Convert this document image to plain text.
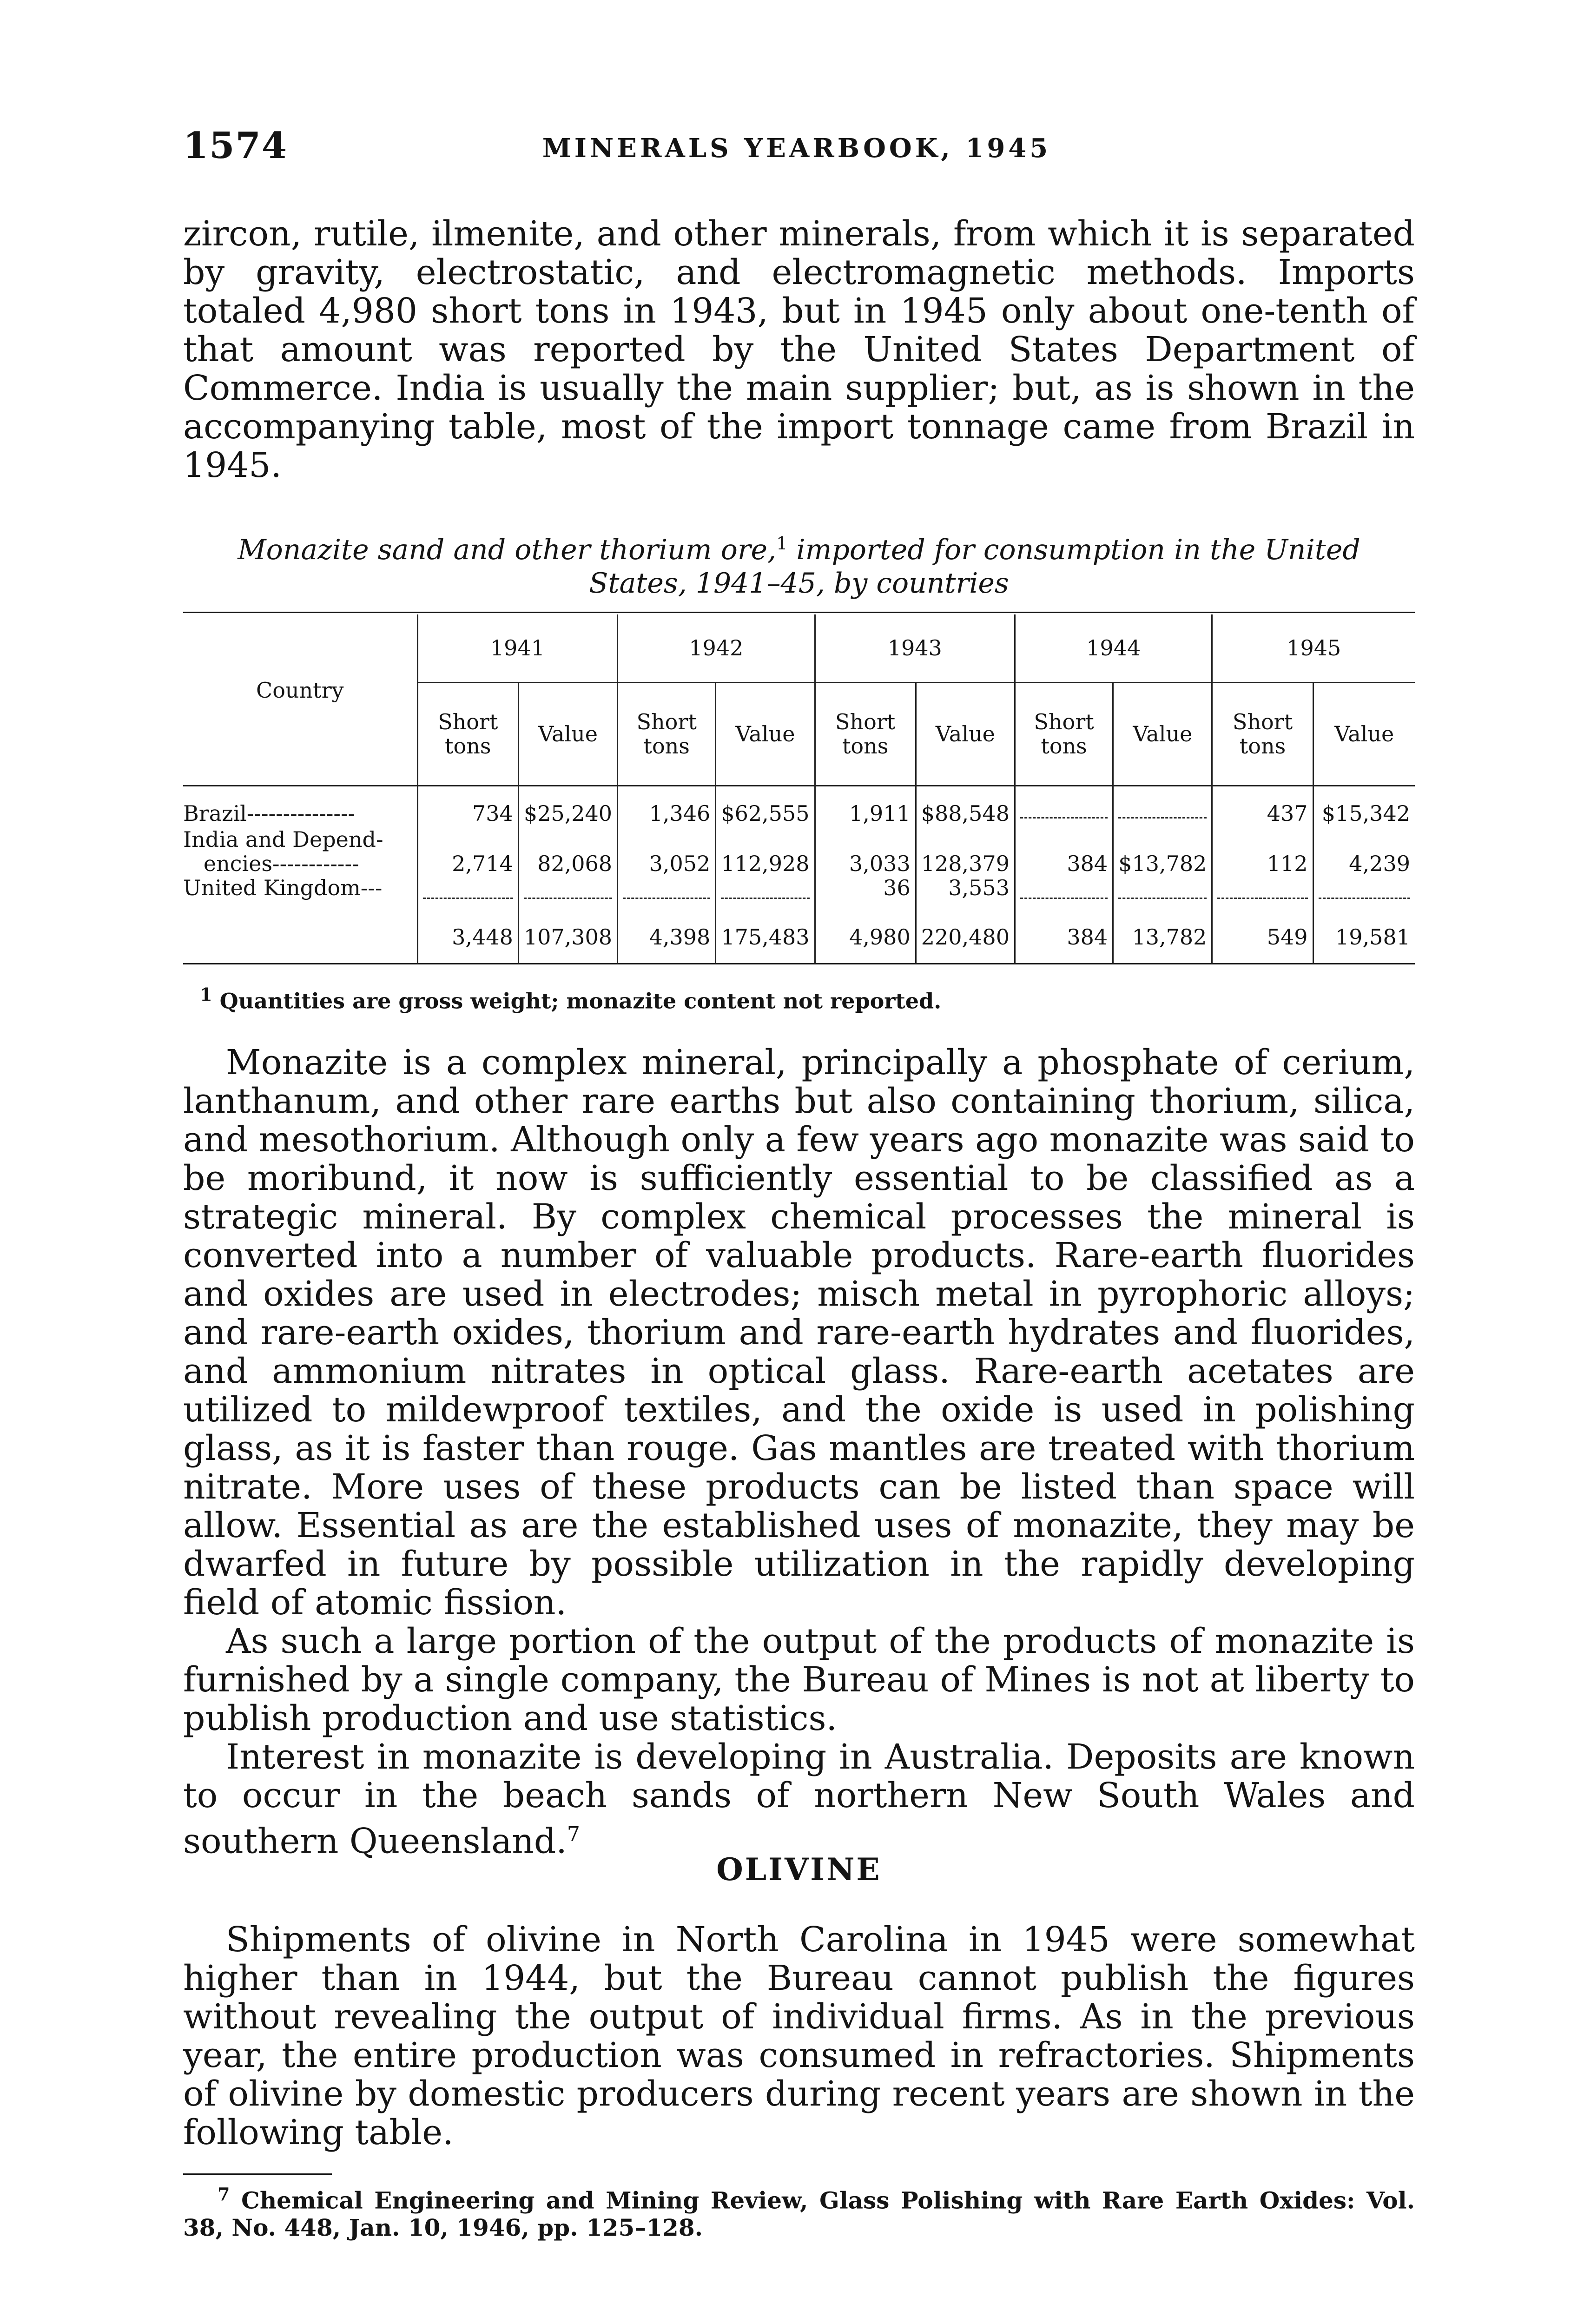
1574	MINERALS YEARBOOK, 1945

zircon, rutile, ilmenite, and other minerals, from which it is separated by gravity, electrostatic, and electromagnetic methods. Imports totaled 4,980 short tons in 1943, but in 1945 only about one-tenth of that amount was reported by the United States Department of Commerce. India is usually the main supplier; but, as is shown in the accompanying table, most of the import tonnage came from Brazil in 1945.

Monazite sand and other thorium ore,$^1$ imported for consumption in the United
States, 1941–45, by countries
Country	1941		1942		1943		1944		1945	
	Short
tons	Value	Short
tons	Value	Short
tons	Value	Short
tons	Value	Short
tons	Value
Brazil---------------	734	$25,240	1,346	$62,555	1,911	$88,548			437	$15,342
India and Depend-
encies------------	2,714	82,068	3,052	112,928	3,033	128,379	384	$13,782	112	4,239
United Kingdom---					36	3,553	

	3,448	107,308	4,398	175,483	4,980	220,480	384	13,782	549	19,581
$^1$ Quantities are gross weight; monazite content not reported.

Monazite is a complex mineral, principally a phosphate of cerium, lanthanum, and other rare earths but also containing thorium, silica, and mesothorium. Although only a few years ago monazite was said to be moribund, it now is sufficiently essential to be classified as a strategic mineral. By complex chemical processes the mineral is converted into a number of valuable products. Rare-earth fluorides and oxides are used in electrodes; misch metal in pyrophoric alloys; and rare-earth oxides, thorium and rare-earth hydrates and fluorides, and ammonium nitrates in optical glass. Rare-earth acetates are utilized to mildewproof textiles, and the oxide is used in polishing glass, as it is faster than rouge. Gas mantles are treated with thorium nitrate. More uses of these products can be listed than space will allow. Essential as are the established uses of monazite, they may be dwarfed in future by possible utilization in the rapidly developing field of atomic fission.

As such a large portion of the output of the products of monazite is furnished by a single company, the Bureau of Mines is not at liberty to publish production and use statistics.

Interest in monazite is developing in Australia. Deposits are known to occur in the beach sands of northern New South Wales and southern Queensland.$^7$

OLIVINE

Shipments of olivine in North Carolina in 1945 were somewhat higher than in 1944, but the Bureau cannot publish the figures without revealing the output of individual firms. As in the previous year, the entire production was consumed in refractories. Shipments of olivine by domestic producers during recent years are shown in the following table.

$^7$ Chemical Engineering and Mining Review, Glass Polishing with Rare Earth Oxides: Vol. 38, No. 448, Jan. 10, 1946, pp. 125–128.
